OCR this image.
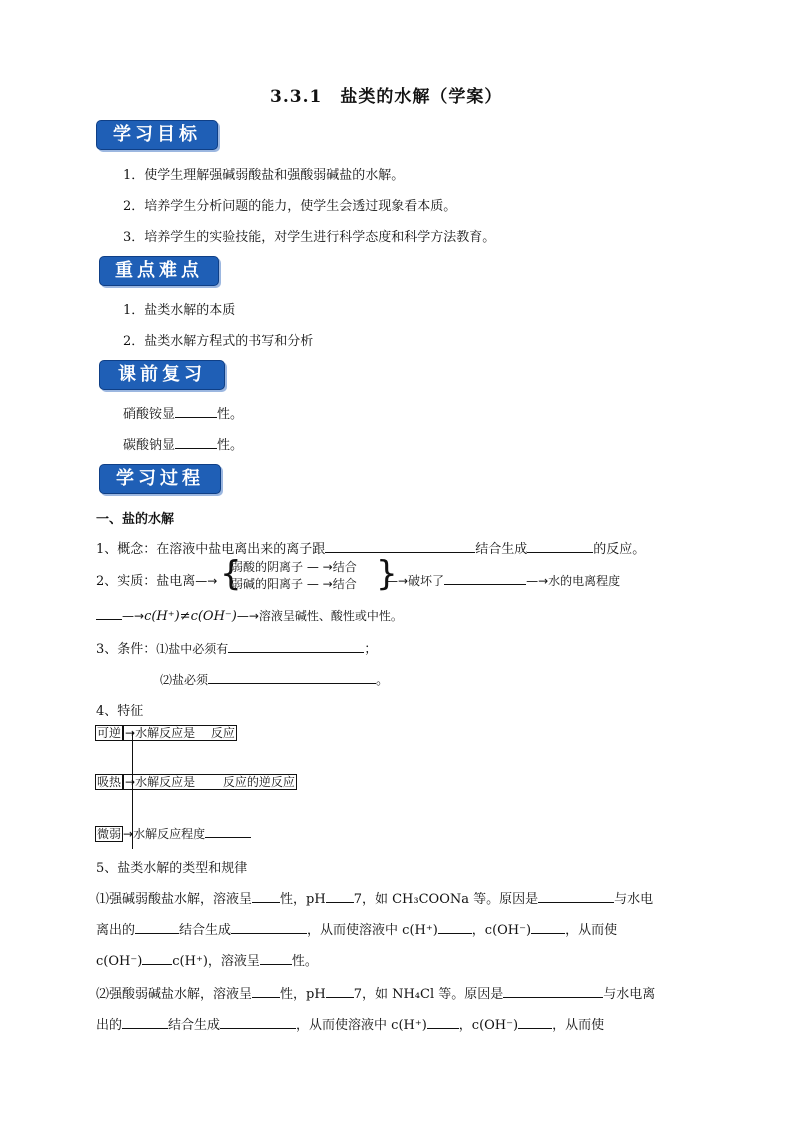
3.3.1　盐类的水解（学案）
学习目标
1．使学生理解强碱弱酸盐和强酸弱碱盐的水解。
2．培养学生分析问题的能力，使学生会透过现象看本质。
3．培养学生的实验技能，对学生进行科学态度和科学方法教育。
重点难点
1．盐类水解的本质
2．盐类水解方程式的书写和分析
课前复习
硝酸铵显	性。
碳酸钠显	性。
学习过程
一、盐的水解
1、概念：在溶液中盐电离出来的离子跟	结合生成	的反应。
2、实质：盐电离—→ {
弱酸的阴离子 — →结合
弱碱的阳离子 — →结合 }
—→破坏了	—→水的电离程度
—→c(H⁺)≠c(OH⁻)—→溶液呈碱性、酸性或中性。
3、条件：⑴盐中必须有	；
⑵盐必须	。
4、特征
可逆 →水解反应是　 反应
吸热 →水解反应是　　 反应的逆反应
微弱 →水解反应程度
5、盐类水解的类型和规律
⑴强碱弱酸盐水解，溶液呈 性，pH 7，如 CH₃COONa 等。原因是	与水电
离出的	结合生成	，从而使溶液中 c(H⁺)	，c(OH⁻)	，从而使
c(OH⁻) c(H⁺)，溶液呈 性。
⑵强酸弱碱盐水解，溶液呈 性，pH 7，如 NH₄Cl 等。原因是	与水电离
出的	结合生成	，从而使溶液中 c(H⁺) ，c(OH⁻)	，从而使
